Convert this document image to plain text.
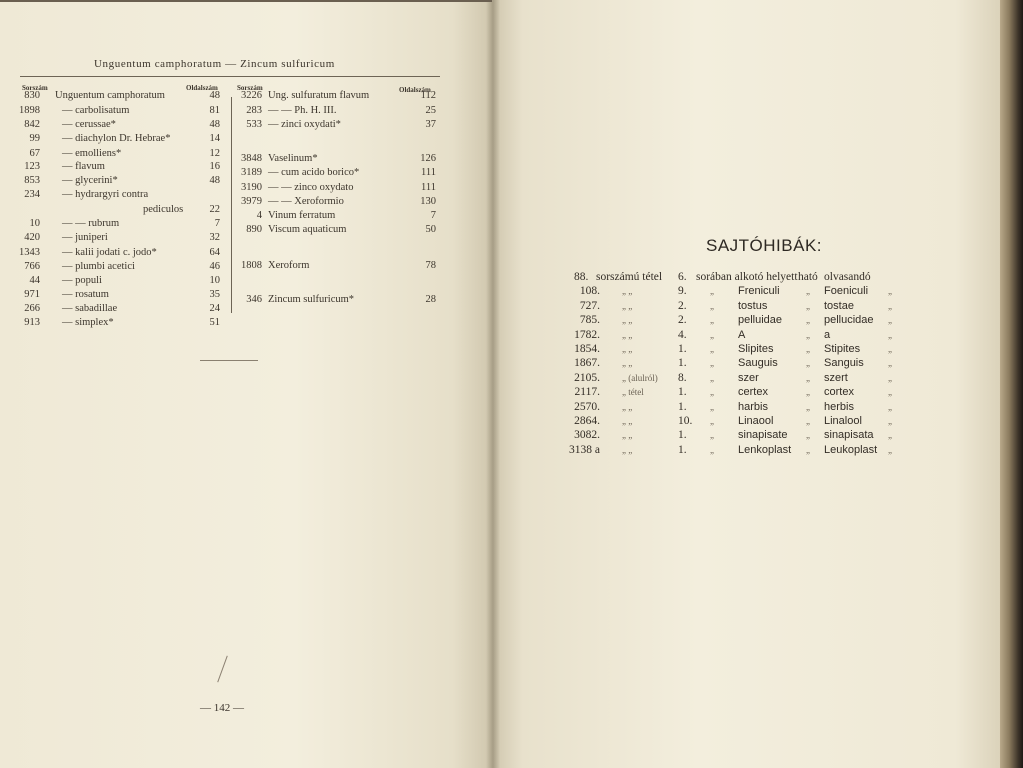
Unguentum camphoratum — Zincum sulfuricum
Sorszám	Oldalszám	Sorszám	Oldalszám
830 Unguentum camphoratum	48
1898 — carbolisatum	81
842 — cerussae*	48
99 — diachylon Dr. Hebrae*	14
67 — emolliens*	12
123 — flavum	16
853 — glycerini*	48
234 — hydrargyri contra
pediculos	22
10 — — rubrum	7
420 — juniperi	32
1343 — kalii jodati c. jodo*	64
766 — plumbi acetici	46
44 — populi	10
971 — rosatum	35
266 — sabadillae	24
913 — simplex*	51
3226 Ung. sulfuratum flavum	112
283 — — Ph. H. III.	25
533 — zinci oxydati*	37
3848 Vaselinum*	126
3189 — cum acido borico*	111
3190 — — zinco oxydato	111
3979 — — Xeroformio	130
4 Vinum ferratum	7
890 Viscum aquaticum	50
1808 Xeroform	78
346 Zincum sulfuricum*	28
— 142 —
SAJTÓHIBÁK:
88. sorszámú tétel 6. sorában alkotó helyett ható olvasandó
108. „ „	9.	„ Freniculi	„ Foeniculi „
727. „ „	2.	„ tostus	„ tostae	„
785. „ „	2.	„ pelluidae	„ pellucidae „
1782. „ „	4.	„ A	„ a	„
1854. „ „	1.	„ Slipites	„ Stipites	„
1867. „ „	1.	„ Sauguis	„ Sanguis	„
2105. „ (alulról) 8.	„ szer	„ szert	„
2117. „ tétel	1.	„ certex	„ cortex	„
2570. „ „	1.	„ harbis	„ herbis	„
2864. „ „	10. „ Linaool	„ Linalool	„
3082. „ „	1.	„ sinapisate „ sinapisata „
3138 a „ „	1.	„ Lenkoplast „ Leukoplast „
